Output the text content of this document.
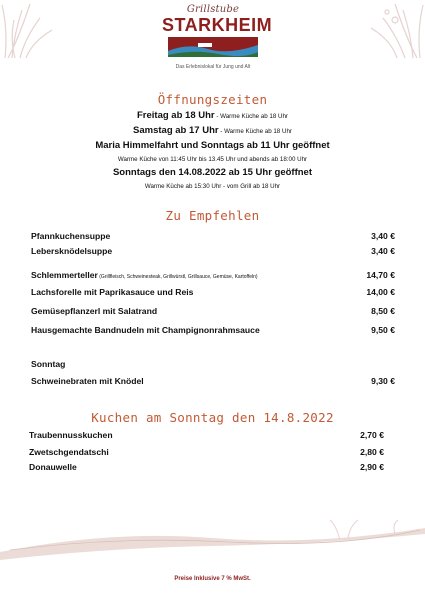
Grillstube
STARKHEIM
Das Erlebnislokal für Jung und Alt
Öffnungszeiten
Freitag ab 18 Uhr - Warme Küche ab 18 Uhr
Samstag ab 17 Uhr - Warme Küche ab 18 Uhr
Maria Himmelfahrt und Sonntags ab 11 Uhr geöffnet
Warme Küche von 11:45 Uhr bis 13.45 Uhr und abends ab 18:00 Uhr
Sonntags den 14.08.2022 ab 15 Uhr geöffnet
Warme Küche ab 15:30 Uhr - vom Grill ab 18 Uhr
Zu Empfehlen
Pfannkuchensuppe	3,40 €
Lebersknödelsuppe	3,40 €
Schlemmerteller (Grillfleisch, Schweinesteak, Grillwürstl, Grillsauce, Gemüse, Kartoffeln)	14,70 €
Lachsforelle mit Paprikasauce und Reis	14,00 €
Gemüsepflanzerl mit Salatrand	8,50 €
Hausgemachte Bandnudeln mit Champignonrahmsauce	9,50 €
Sonntag
Schweinebraten mit Knödel	9,30 €
Kuchen am Sonntag den 14.8.2022
Traubennusskuchen	2,70 €
Zwetschgendatschi	2,80 €
Donauwelle	2,90 €
Preise Inklusive 7 % MwSt.
